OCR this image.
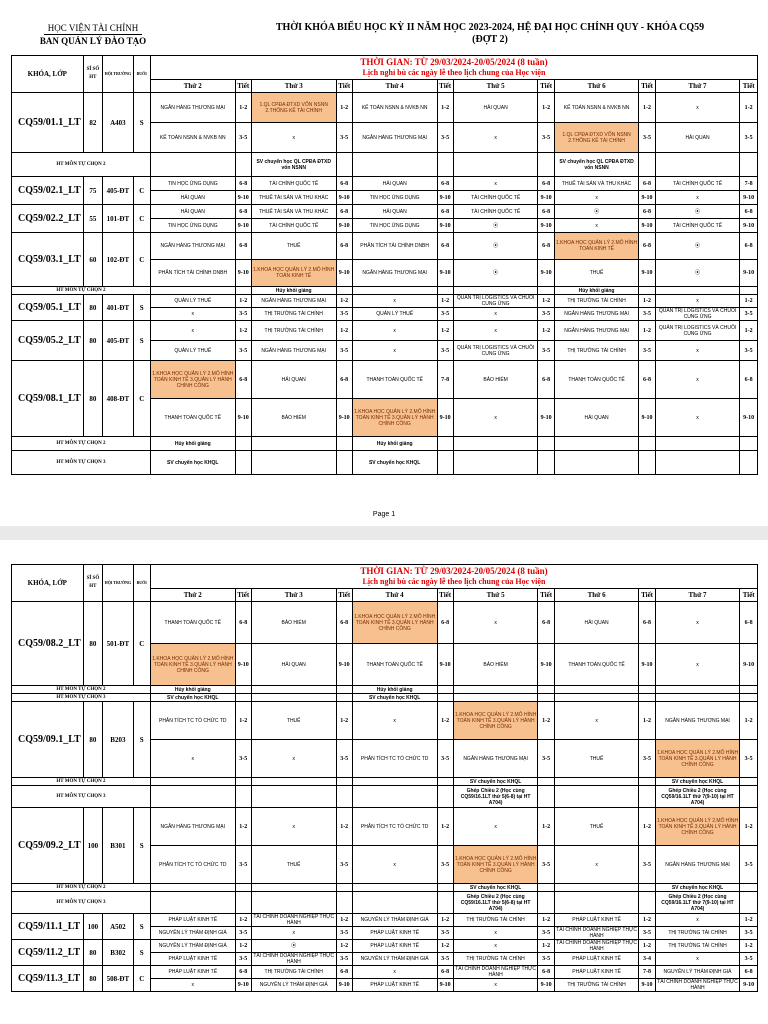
HỌC VIỆN TÀI CHÍNH
BAN QUẢN LÝ ĐÀO TẠO
THỜI KHÓA BIỂU HỌC KỲ II NĂM HỌC 2023-2024, HỆ ĐẠI HỌC CHÍNH QUY - KHÓA CQ59
(ĐỢT 2)
KHÓA, LỚP	SĨ SỐ HT	HỘI TRƯỜNG	BUỔI	THỜI GIAN: TỪ 29/03/2024-20/05/2024 (8 tuần)
Lịch nghỉ bù các ngày lễ theo lịch chung của Học viện											

				Thứ 2	Tiết	Thứ 3	Tiết	Thứ 4	Tiết	Thứ 5	Tiết	Thứ 6	Tiết	Thứ 7	Tiết
CQ59/01.1_LT	82	A403	S	NGÂN HÀNG THƯƠNG MẠI	1-2	1.QL CPĐA ĐTXD VỐN NSNN 2.THỐNG KÊ TÀI CHÍNH	1-2	KẾ TOÁN NSNN & NVKB NN	1-2	HẢI QUAN	1-2	KẾ TOÁN NSNN & NVKB NN	1-2	x	1-2
				KẾ TOÁN NSNN & NVKB NN	3-5	x	3-5	NGÂN HÀNG THƯƠNG MẠI	3-5	x	3-5	1.QL CPĐA ĐTXD VỐN NSNN 2.THỐNG KÊ TÀI CHÍNH	3-5	HẢI QUAN	3-5
HT MÔN TỰ CHỌN 2						SV chuyển học QL CPĐA ĐTXD vốn NSNN						SV chuyển học QL CPĐA ĐTXD vốn NSNN			
CQ59/02.1_LT	75	405-ĐT	C	TIN HỌC ỨNG DỤNG	6-8	TÀI CHÍNH QUỐC TẾ	6-8	HẢI QUAN	6-8	x	6-8	THUẾ TÀI SẢN VÀ THU KHÁC	6-8	TÀI CHÍNH QUỐC TẾ	7-8
				HẢI QUAN	9-10	THUẾ TÀI SẢN VÀ THU KHÁC	9-10	TIN HỌC ỨNG DỤNG	9-10	TÀI CHÍNH QUỐC TẾ	9-10	x	9-10	x	9-10
CQ59/02.2_LT	55	101-ĐT	C	HẢI QUAN	6-8	THUẾ TÀI SẢN VÀ THU KHÁC	6-8	HẢI QUAN	6-8	TÀI CHÍNH QUỐC TẾ	6-8	⦿	6-8	⦿	6-8
				TIN HỌC ỨNG DỤNG	9-10	TÀI CHÍNH QUỐC TẾ	9-10	TIN HỌC ỨNG DỤNG	9-10	⦿	9-10	x	9-10	TÀI CHÍNH QUỐC TẾ	9-10
CQ59/03.1_LT	60	102-ĐT	C	NGÂN HÀNG THƯƠNG MẠI	6-8	THUẾ	6-8	PHÂN TÍCH TÀI CHÍNH DNBH	6-8	⦿	6-8	1.KHOA HỌC QUẢN LÝ 2.MÔ HÌNH TOÁN KINH TẾ	6-8	⦿	6-8
				PHÂN TÍCH TÀI CHÍNH DNBH	9-10	1.KHOA HỌC QUẢN LÝ 2.MÔ HÌNH TOÁN KINH TẾ	9-10	NGÂN HÀNG THƯƠNG MẠI	9-10	⦿	9-10	THUẾ	9-10	⦿	9-10
HT MÔN TỰ CHỌN 2						Hủy khối giảng						Hủy khối giảng			
CQ59/05.1_LT	80	401-ĐT	S	QUẢN LÝ THUẾ	1-2	NGÂN HÀNG THƯƠNG MẠI	1-2	x	1-2	QUẢN TRỊ LOGISTICS VÀ CHUỖI CUNG ỨNG	1-2	THỊ TRƯỜNG TÀI CHÍNH	1-2	x	1-2
				x	3-5	THỊ TRƯỜNG TÀI CHÍNH	3-5	QUẢN LÝ THUẾ	3-5	x	3-5	NGÂN HÀNG THƯƠNG MẠI	3-5	QUẢN TRỊ LOGISTICS VÀ CHUỖI CUNG ỨNG	3-5
CQ59/05.2_LT	80	405-ĐT	S	x	1-2	THỊ TRƯỜNG TÀI CHÍNH	1-2	x	1-2	x	1-2	NGÂN HÀNG THƯƠNG MẠI	1-2	QUẢN TRỊ LOGISTICS VÀ CHUỖI CUNG ỨNG	1-2
				QUẢN LÝ THUẾ	3-5	NGÂN HÀNG THƯƠNG MẠI	3-5	x	3-5	QUẢN TRỊ LOGISTICS VÀ CHUỖI CUNG ỨNG	3-5	THỊ TRƯỜNG TÀI CHÍNH	3-5	x	3-5
CQ59/08.1_LT	80	408-ĐT	C	1.KHOA HỌC QUẢN LÝ 2.MÔ HÌNH TOÁN KINH TẾ 3.QUẢN LÝ HÀNH CHÍNH CÔNG	6-8	HẢI QUAN	6-8	THANH TOÁN QUỐC TẾ	7-8	BẢO HIỂM	6-8	THANH TOÁN QUỐC TẾ	6-8	x	6-8
				THANH TOÁN QUỐC TẾ	9-10	BẢO HIỂM	9-10	1.KHOA HỌC QUẢN LÝ 2.MÔ HÌNH TOÁN KINH TẾ 3.QUẢN LÝ HÀNH CHÍNH CÔNG	9-10	x	9-10	HẢI QUAN	9-10	x	9-10
HT MÔN TỰ CHỌN 2				Hủy khối giảng				Hủy khối giảng							
HT MÔN TỰ CHỌN 3				SV chuyển học KHQL				SV chuyển học KHQL							
Page 1
KHÓA, LỚP	SĨ SỐ HT	HỘI TRƯỜNG	BUỔI	THỜI GIAN: TỪ 29/03/2024-20/05/2024 (8 tuần)
Lịch nghỉ bù các ngày lễ theo lịch chung của Học viện											

				Thứ 2	Tiết	Thứ 3	Tiết	Thứ 4	Tiết	Thứ 5	Tiết	Thứ 6	Tiết	Thứ 7	Tiết
CQ59/08.2_LT	80	501-ĐT	C	THANH TOÁN QUỐC TẾ	6-8	BẢO HIỂM	6-8	1.KHOA HỌC QUẢN LÝ 2.MÔ HÌNH TOÁN KINH TẾ 3.QUẢN LÝ HÀNH CHÍNH CÔNG	6-8	x	6-8	HẢI QUAN	6-8	x	6-8
				1.KHOA HỌC QUẢN LÝ 2.MÔ HÌNH TOÁN KINH TẾ 3.QUẢN LÝ HÀNH CHÍNH CÔNG	9-10	HẢI QUAN	9-10	THANH TOÁN QUỐC TẾ	9-10	BẢO HIỂM	9-10	THANH TOÁN QUỐC TẾ	9-10	x	9-10
HT MÔN TỰ CHỌN 2				Hủy khối giảng				Hủy khối giảng							
HT MÔN TỰ CHỌN 3				SV chuyển học KHQL				SV chuyển học KHQL							
CQ59/09.1_LT	80	B203	S	PHÂN TÍCH TC TỔ CHỨC TD	1-2	THUẾ	1-2	x	1-2	1.KHOA HỌC QUẢN LÝ 2.MÔ HÌNH TOÁN KINH TẾ 3.QUẢN LÝ HÀNH CHÍNH CÔNG	1-2	x	1-2	NGÂN HÀNG THƯƠNG MẠI	1-2
				x	3-5	x	3-5	PHÂN TÍCH TC TỔ CHỨC TD	3-5	NGÂN HÀNG THƯƠNG MẠI	3-5	THUẾ	3-5	1.KHOA HỌC QUẢN LÝ 2.MÔ HÌNH TOÁN KINH TẾ 3.QUẢN LÝ HÀNH CHÍNH CÔNG	3-5
HT MÔN TỰ CHỌN 2										SV chuyển học KHQL				SV chuyển học KHQL	
HT MÔN TỰ CHỌN 3										Ghép Chiều 2 (Học cùng CQ59/16.1LT thứ 5(6-8) tại HT A704)				Ghép Chiều 2 (Học cùng CQ59/16.1LT thứ 7(9-10) tại HT A704)	
CQ59/09.2_LT	100	B301	S	NGÂN HÀNG THƯƠNG MẠI	1-2	x	1-2	PHÂN TÍCH TC TỔ CHỨC TD	1-2	x	1-2	THUẾ	1-2	1.KHOA HỌC QUẢN LÝ 2.MÔ HÌNH TOÁN KINH TẾ 3.QUẢN LÝ HÀNH CHÍNH CÔNG	1-2
				PHÂN TÍCH TC TỔ CHỨC TD	3-5	THUẾ	3-5	x	3-5	1.KHOA HỌC QUẢN LÝ 2.MÔ HÌNH TOÁN KINH TẾ 3.QUẢN LÝ HÀNH CHÍNH CÔNG	3-5	x	3-5	NGÂN HÀNG THƯƠNG MẠI	3-5
HT MÔN TỰ CHỌN 2										SV chuyển học KHQL				SV chuyển học KHQL	
HT MÔN TỰ CHỌN 3										Ghép Chiều 2 (Học cùng CQ59/16.1LT thứ 5(6-8) tại HT A704)				Ghép Chiều 2 (Học cùng CQ59/16.1LT thứ 7(9-10) tại HT A704)	
CQ59/11.1_LT	100	A502	S	PHÁP LUẬT KINH TẾ	1-2	TÀI CHÍNH DOANH NGHIỆP THỰC HÀNH	1-2	NGUYÊN LÝ THẨM ĐỊNH GIÁ	1-2	THỊ TRƯỜNG TÀI CHÍNH	1-2	PHÁP LUẬT KINH TẾ	1-2	x	1-2
				NGUYÊN LÝ THẨM ĐỊNH GIÁ	3-5	x	3-5	PHÁP LUẬT KINH TẾ	3-5	x	3-5	TÀI CHÍNH DOANH NGHIỆP THỰC HÀNH	3-5	THỊ TRƯỜNG TÀI CHÍNH	3-5
CQ59/11.2_LT	80	B302	S	NGUYÊN LÝ THẨM ĐỊNH GIÁ	1-2	⦿	1-2	PHÁP LUẬT KINH TẾ	1-2	x	1-2	TÀI CHÍNH DOANH NGHIỆP THỰC HÀNH	1-2	THỊ TRƯỜNG TÀI CHÍNH	1-2
				PHÁP LUẬT KINH TẾ	3-5	TÀI CHÍNH DOANH NGHIỆP THỰC HÀNH	3-5	NGUYÊN LÝ THẨM ĐỊNH GIÁ	3-5	THỊ TRƯỜNG TÀI CHÍNH	3-5	PHÁP LUẬT KINH TẾ	3-4	x	3-5
CQ59/11.3_LT	80	508-ĐT	C	PHÁP LUẬT KINH TẾ	6-8	THỊ TRƯỜNG TÀI CHÍNH	6-8	x	6-8	TÀI CHÍNH DOANH NGHIỆP THỰC HÀNH	6-8	PHÁP LUẬT KINH TẾ	7-8	NGUYÊN LÝ THẨM ĐỊNH GIÁ	6-8
				x	9-10	NGUYÊN LÝ THẨM ĐỊNH GIÁ	9-10	PHÁP LUẬT KINH TẾ	9-10	x	9-10	THỊ TRƯỜNG TÀI CHÍNH	9-10	TÀI CHÍNH DOANH NGHIỆP THỰC HÀNH	9-10
